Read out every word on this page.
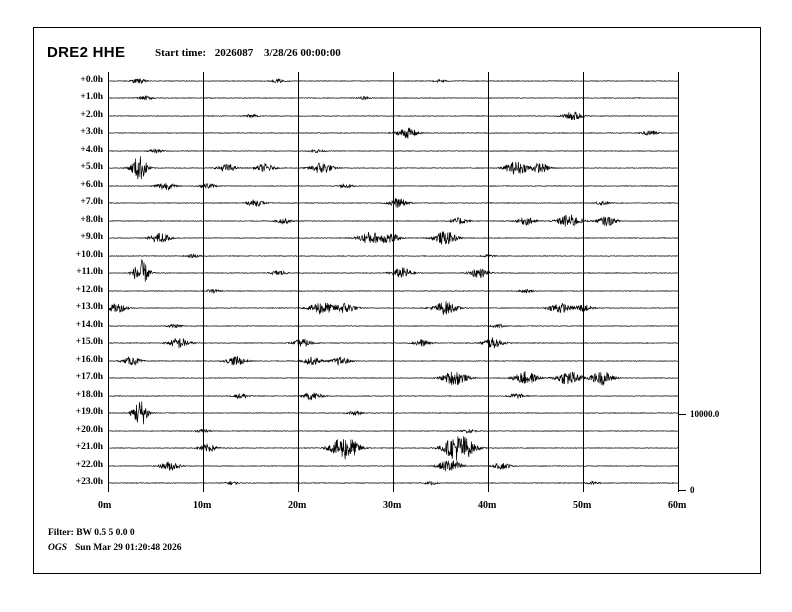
DRE2 HHE	Start time: 2026087 3/28/26 00:00:00
+0.0h
+1.0h
+2.0h
+3.0h
+4.0h
+5.0h
+6.0h
+7.0h
+8.0h
+9.0h
+10.0h
+11.0h
+12.0h
+13.0h
+14.0h
+15.0h
+16.0h
+17.0h
+18.0h
+19.0h
+20.0h
+21.0h
+22.0h
+23.0h
0m	10m	20m	30m	40m	50m	60m
10000.0
0
Filter: BW 0.5 5 0.0 0
OGS Sun Mar 29 01:20:48 2026
